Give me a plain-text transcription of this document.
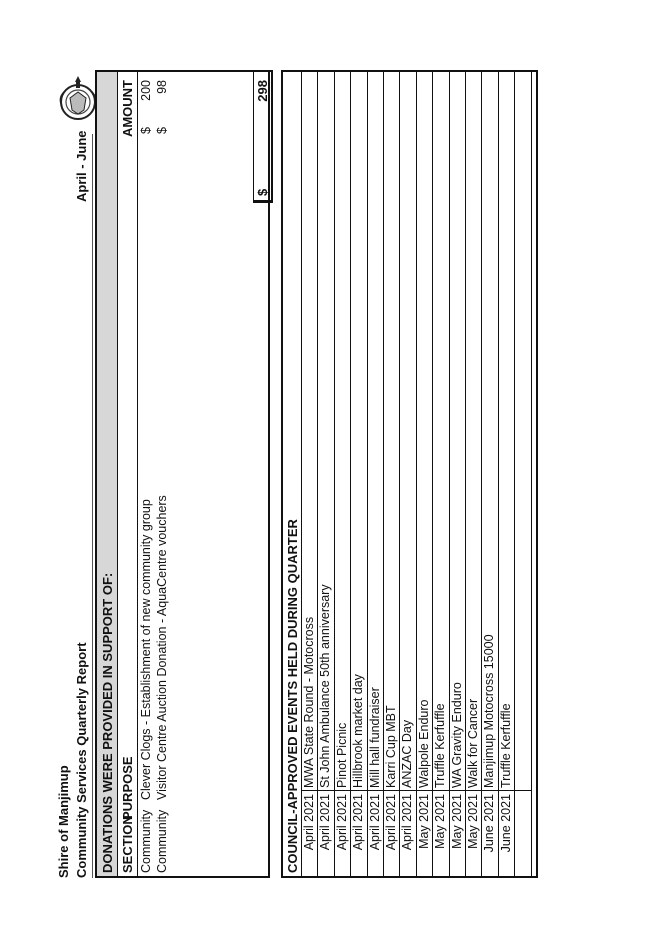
Shire of Manjimup Community Services Quarterly Report
April - June
DONATIONS WERE PROVIDED IN SUPPORT OF: SECTION
PURPOSE
AMOUNT
Community
Clever Clogs - Establishment of new community group
$
200
Community
Visitor Centre Auction Donation - AquaCentre vouchers
$
98
$
298
COUNCIL-APPROVED EVENTS HELD DURING QUARTER April 2021
MWA State Round - Motocross
April 2021
St John Ambulance 50th anniversary
April 2021
Pinot Picnic
April 2021
Hillbrook market day
April 2021
Mill hall fundraiser
April 2021
Karri Cup MBT
April 2021
ANZAC Day
May 2021
Walpole Enduro
May 2021
Truffle Kerfuffle
May 2021
WA Gravity Enduro
May 2021
Walk for Cancer
June 2021
Manjimup Motocross 15000
June 2021
Truffle Kerfuffle
